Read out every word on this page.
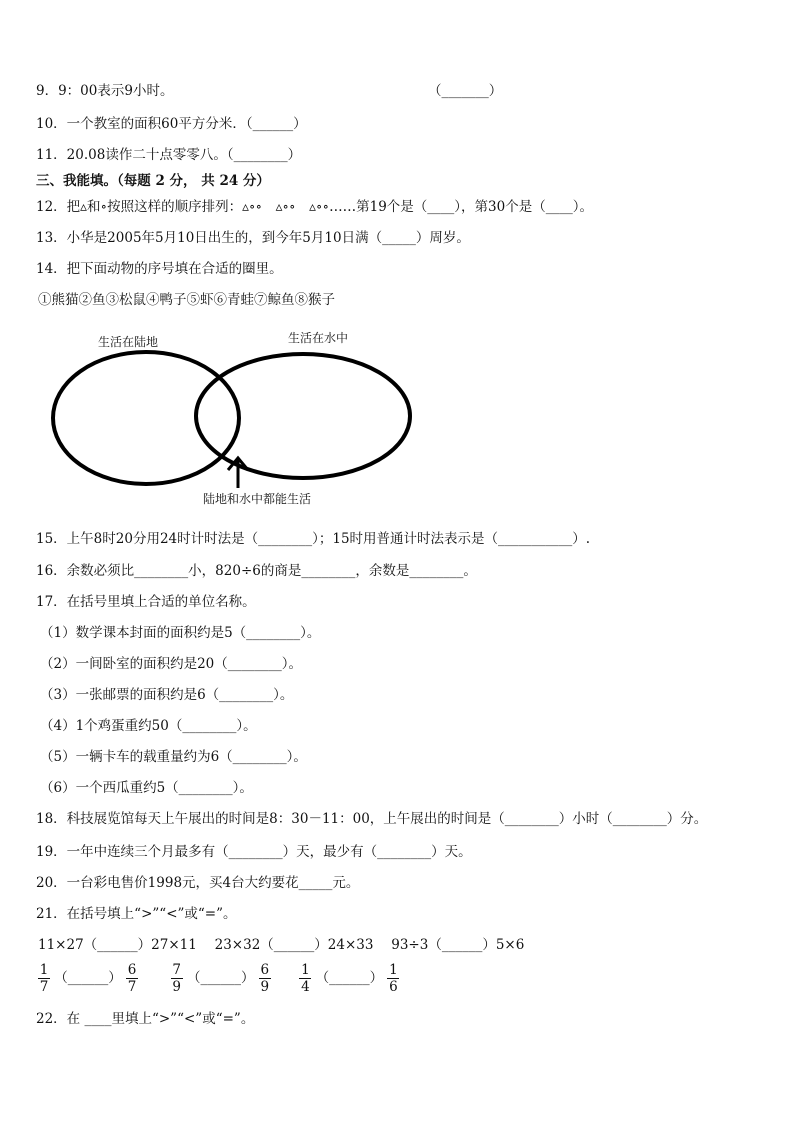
9．9：00表示9小时。	（_______）
10．一个教室的面积60平方分米．（______）
11．20.08读作二十点零零八。（________）
三、我能填。（每题 2 分， 共 24 分）
12．把▵和∘按照这样的顺序排列：▵∘∘　▵∘∘　▵∘∘……第19个是（____），第30个是（____）。
13．小华是2005年5月10日出生的，到今年5月10日满（_____）周岁。
14．把下面动物的序号填在合适的圈里。
①熊猫②鱼③松鼠④鸭子⑤虾⑥青蛙⑦鲸鱼⑧猴子
生活在陆地	生活在水中
陆地和水中都能生活
15．上午8时20分用24时计时法是（________）；15时用普通计时法表示是（___________）.
16．余数必须比________小，820÷6的商是________，余数是________。
17．在括号里填上合适的单位名称。
（1）数学课本封面的面积约是5（________）。
（2）一间卧室的面积约是20（________）。
（3）一张邮票的面积约是6（________）。
（4）1个鸡蛋重约50（________）。
（5）一辆卡车的载重量约为6（________）。
（6）一个西瓜重约5（________）。
18．科技展览馆每天上午展出的时间是8：30－11：00，上午展出的时间是（________）小时（________）分。
19．一年中连续三个月最多有（________）天，最少有（________）天。
20．一台彩电售价1998元，买4台大约要花_____元。
21．在括号填上“>”“<”或“=”。
11×27（______）27×11　 23×32（______）24×33　 93÷3（______）5×6
$\frac{1}{7}$ （______） $\frac{6}{7}$
$\frac{7}{9}$ （______） $\frac{6}{9}$
$\frac{1}{4}$ （______） $\frac{1}{6}$
22．在 ____里填上“>”“<”或“=”。
